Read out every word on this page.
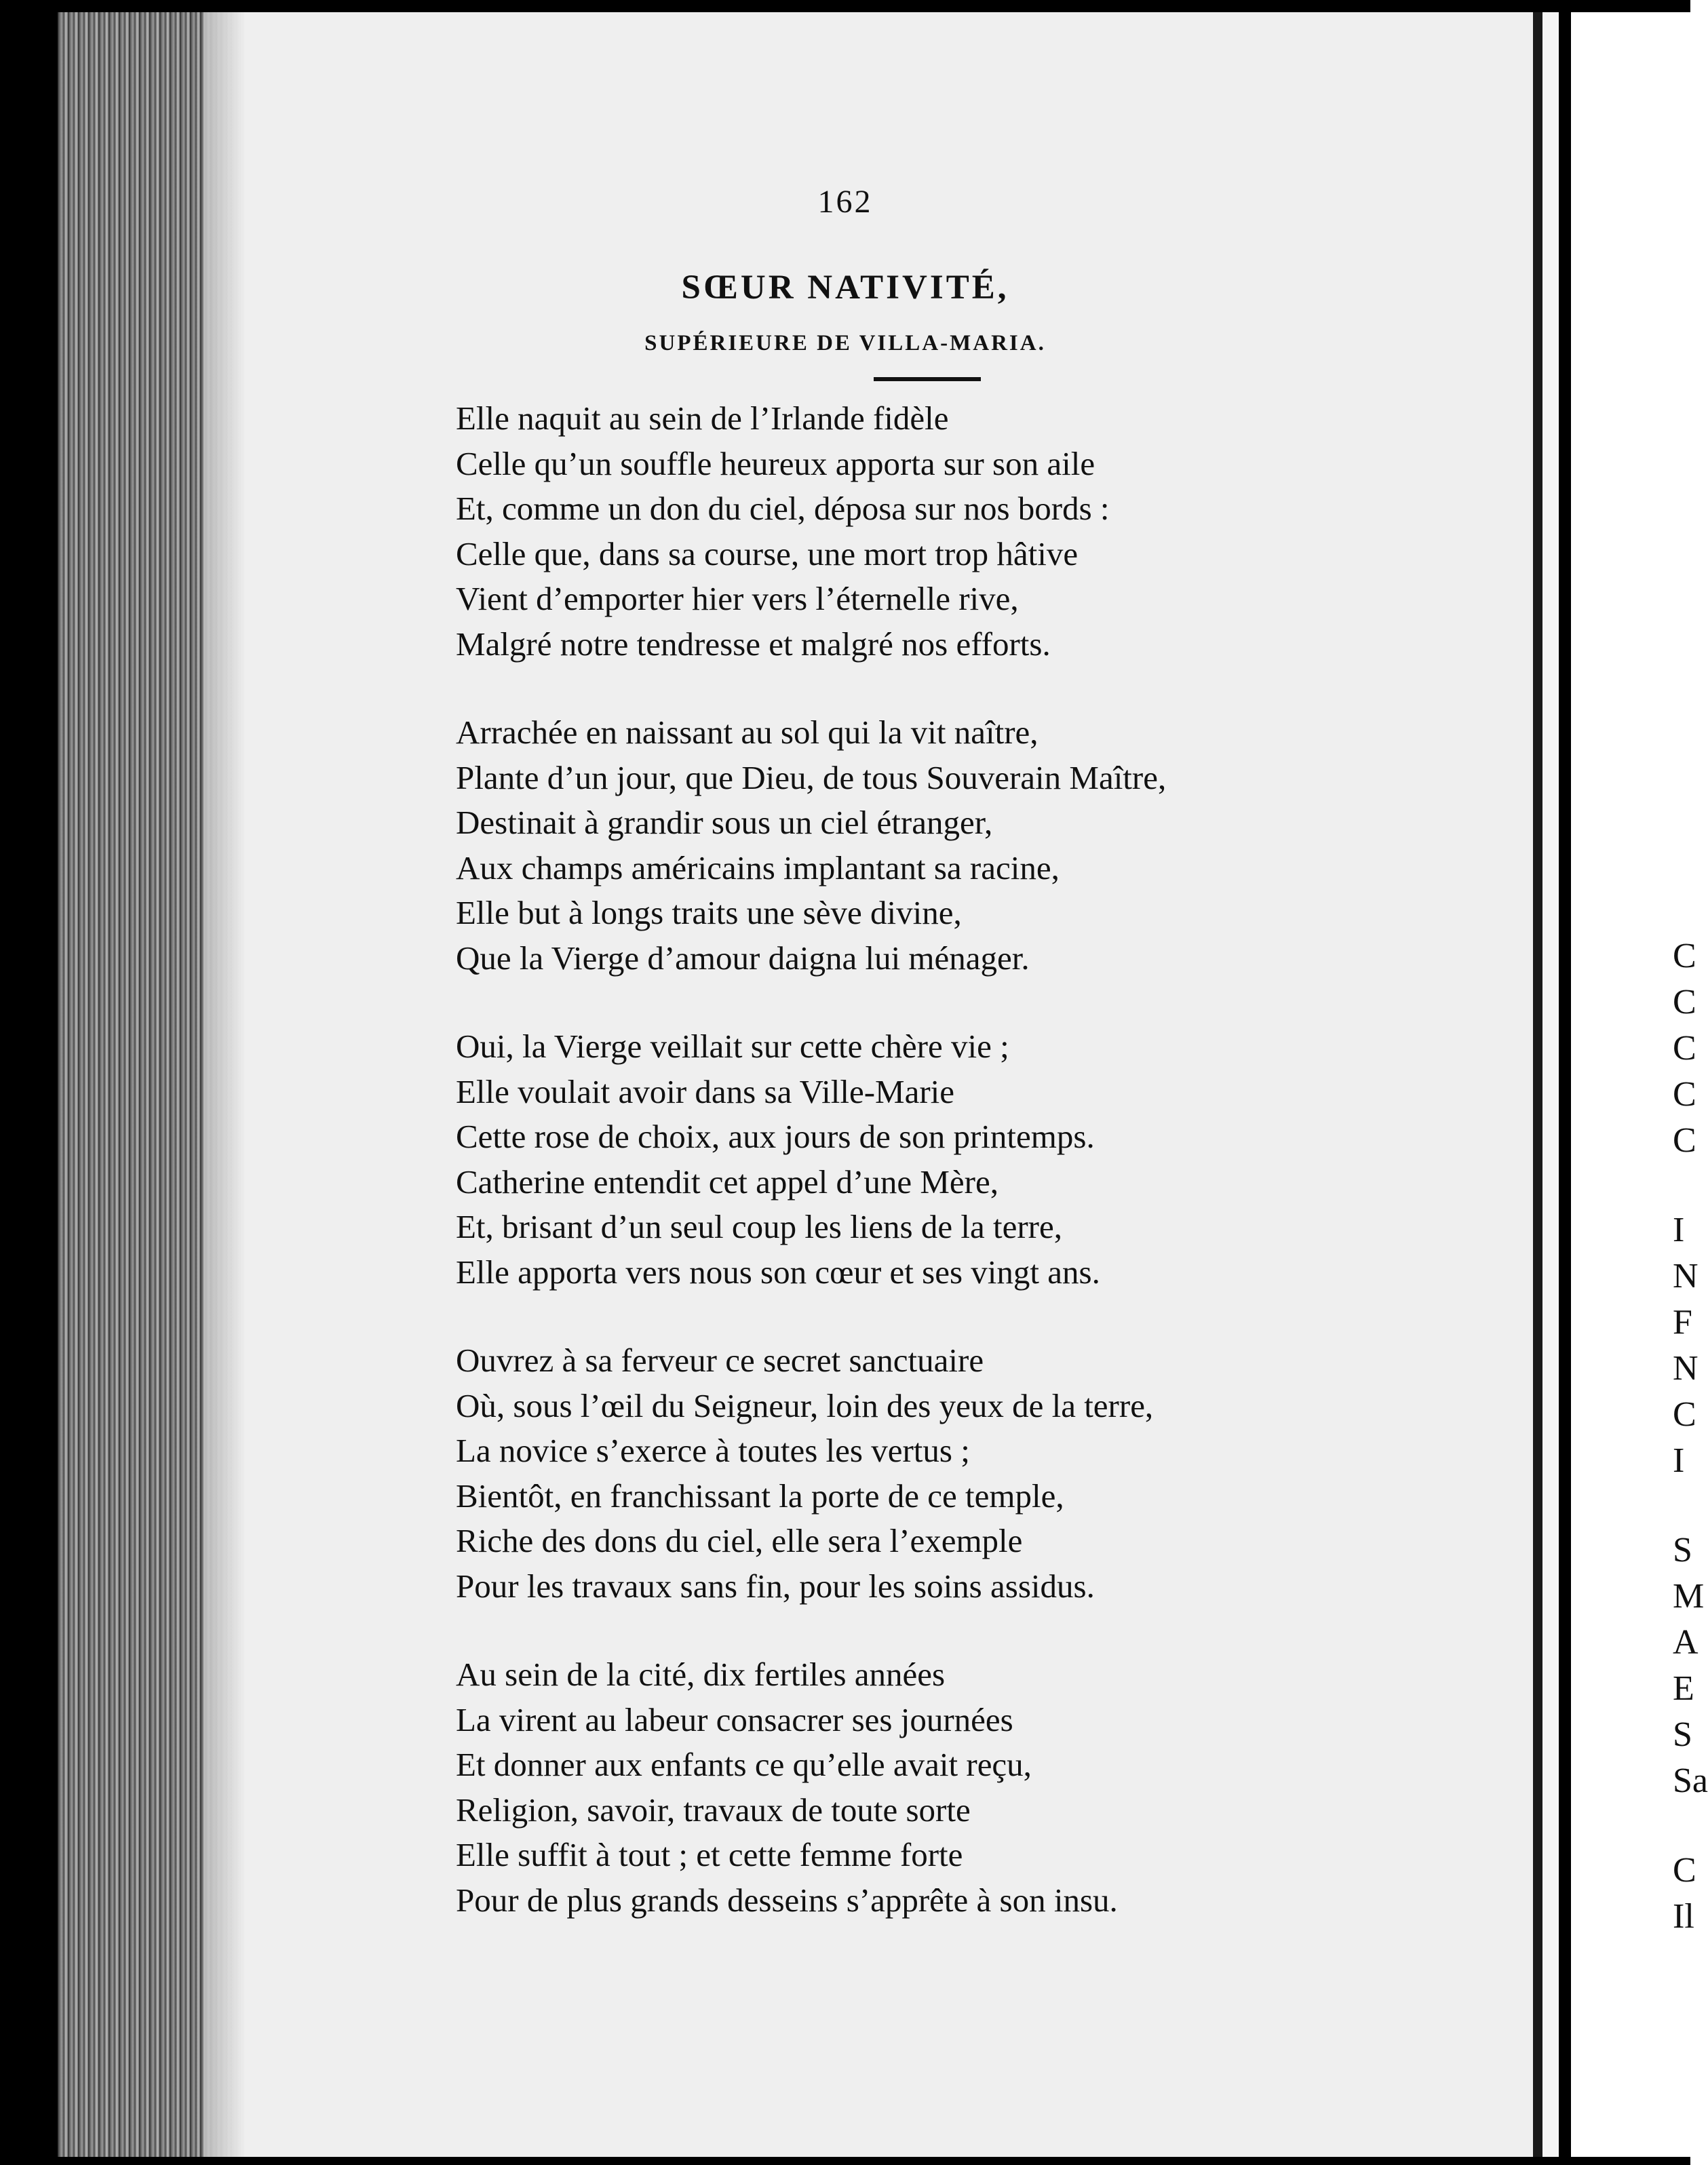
162
SŒUR NATIVITÉ,
SUPÉRIEURE DE VILLA-MARIA.
Elle naquit au sein de l’Irlande fidèle
Celle qu’un souffle heureux apporta sur son aile
Et, comme un don du ciel, déposa sur nos bords :
Celle que, dans sa course, une mort trop hâtive
Vient d’emporter hier vers l’éternelle rive,
Malgré notre tendresse et malgré nos efforts.
Arrachée en naissant au sol qui la vit naître,
Plante d’un jour, que Dieu, de tous Souverain Maître,
Destinait à grandir sous un ciel étranger,
Aux champs américains implantant sa racine,
Elle but à longs traits une sève divine,
Que la Vierge d’amour daigna lui ménager.
Oui, la Vierge veillait sur cette chère vie ;
Elle voulait avoir dans sa Ville-Marie
Cette rose de choix, aux jours de son printemps.
Catherine entendit cet appel d’une Mère,
Et, brisant d’un seul coup les liens de la terre,
Elle apporta vers nous son cœur et ses vingt ans.
Ouvrez à sa ferveur ce secret sanctuaire
Où, sous l’œil du Seigneur, loin des yeux de la terre,
La novice s’exerce à toutes les vertus ;
Bientôt, en franchissant la porte de ce temple,
Riche des dons du ciel, elle sera l’exemple
Pour les travaux sans fin, pour les soins assidus.
Au sein de la cité, dix fertiles années
La virent au labeur consacrer ses journées
Et donner aux enfants ce qu’elle avait reçu,
Religion, savoir, travaux de toute sorte
Elle suffit à tout ; et cette femme forte
Pour de plus grands desseins s’apprête à son insu.
C
C
C
C
C
I
N
F
N
C
I
S
M
A
E
S
Sa
C
Il
